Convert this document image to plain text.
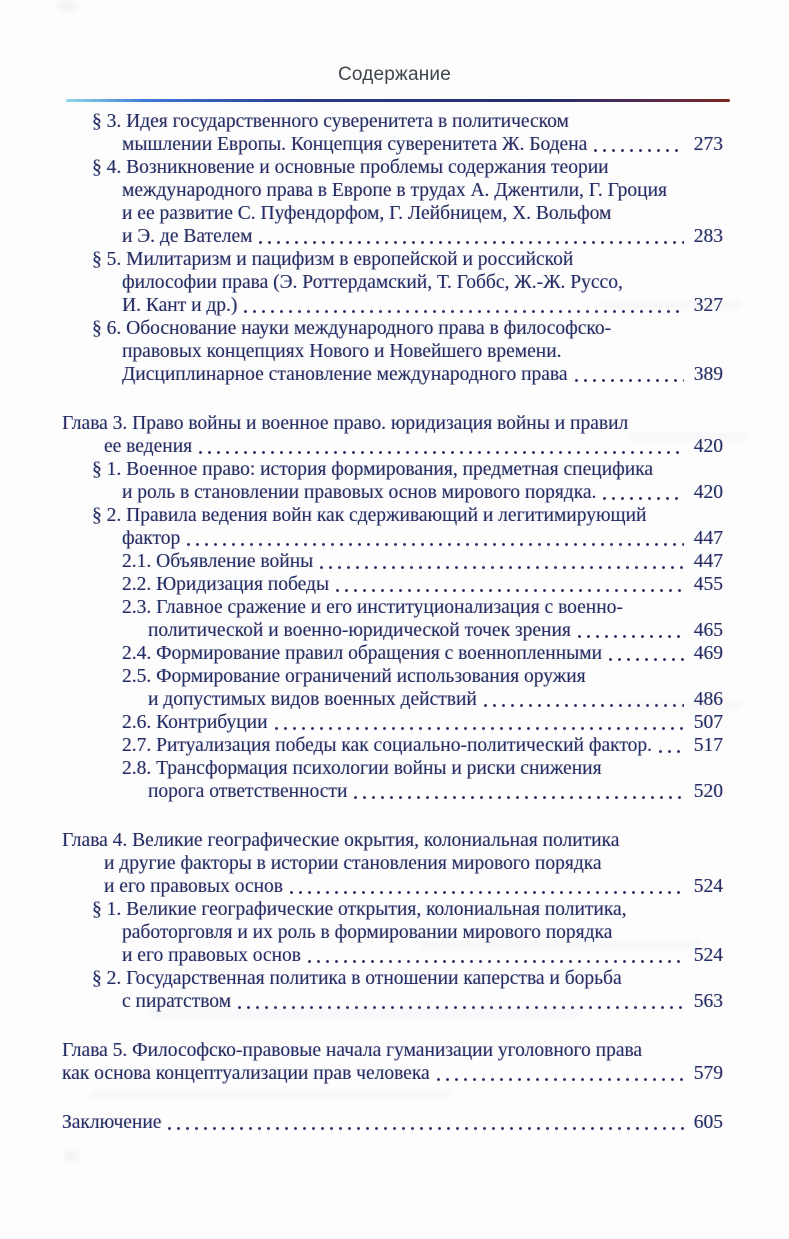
Содержание
§ 3. Идея государственного суверенитета в политическом
мышлении Европы. Концепция суверенитета Ж. Бодена	273
§ 4. Возникновение и основные проблемы содержания теории
международного права в Европе в трудах А. Джентили, Г. Гроция
и ее развитие С. Пуфендорфом, Г. Лейбницем, Х. Вольфом
и Э. де Вателем	283
§ 5. Милитаризм и пацифизм в европейской и российской
философии права (Э. Роттердамский, Т. Гоббс, Ж.-Ж. Руссо,
И. Кант и др.)	327
§ 6. Обоснование науки международного права в философско-
правовых концепциях Нового и Новейшего времени.
Дисциплинарное становление международного права	389
Глава 3. Право войны и военное право. юридизация войны и правил
ее ведения	420
§ 1. Военное право: история формирования, предметная специфика
и роль в становлении правовых основ мирового порядка.	420
§ 2. Правила ведения войн как сдерживающий и легитимирующий
фактор	447
2.1. Объявление войны	447
2.2. Юридизация победы	455
2.3. Главное сражение и его институционализация с военно-
политической и военно-юридической точек зрения	465
2.4. Формирование правил обращения с военнопленными	469
2.5. Формирование ограничений использования оружия
и допустимых видов военных действий	486
2.6. Контрибуции	507
2.7. Ритуализация победы как социально-политический фактор. 517
2.8. Трансформация психологии войны и риски снижения
порога ответственности	520
Глава 4. Великие географические окрытия, колониальная политика
и другие факторы в истории становления мирового порядка
и его правовых основ	524
§ 1. Великие географические открытия, колониальная политика,
работорговля и их роль в формировании мирового порядка
и его правовых основ	524
§ 2. Государственная политика в отношении каперства и борьба
с пиратством	563
Глава 5. Философско-правовые начала гуманизации уголовного права
как основа концептуализации прав человека	579
Заключение	605
